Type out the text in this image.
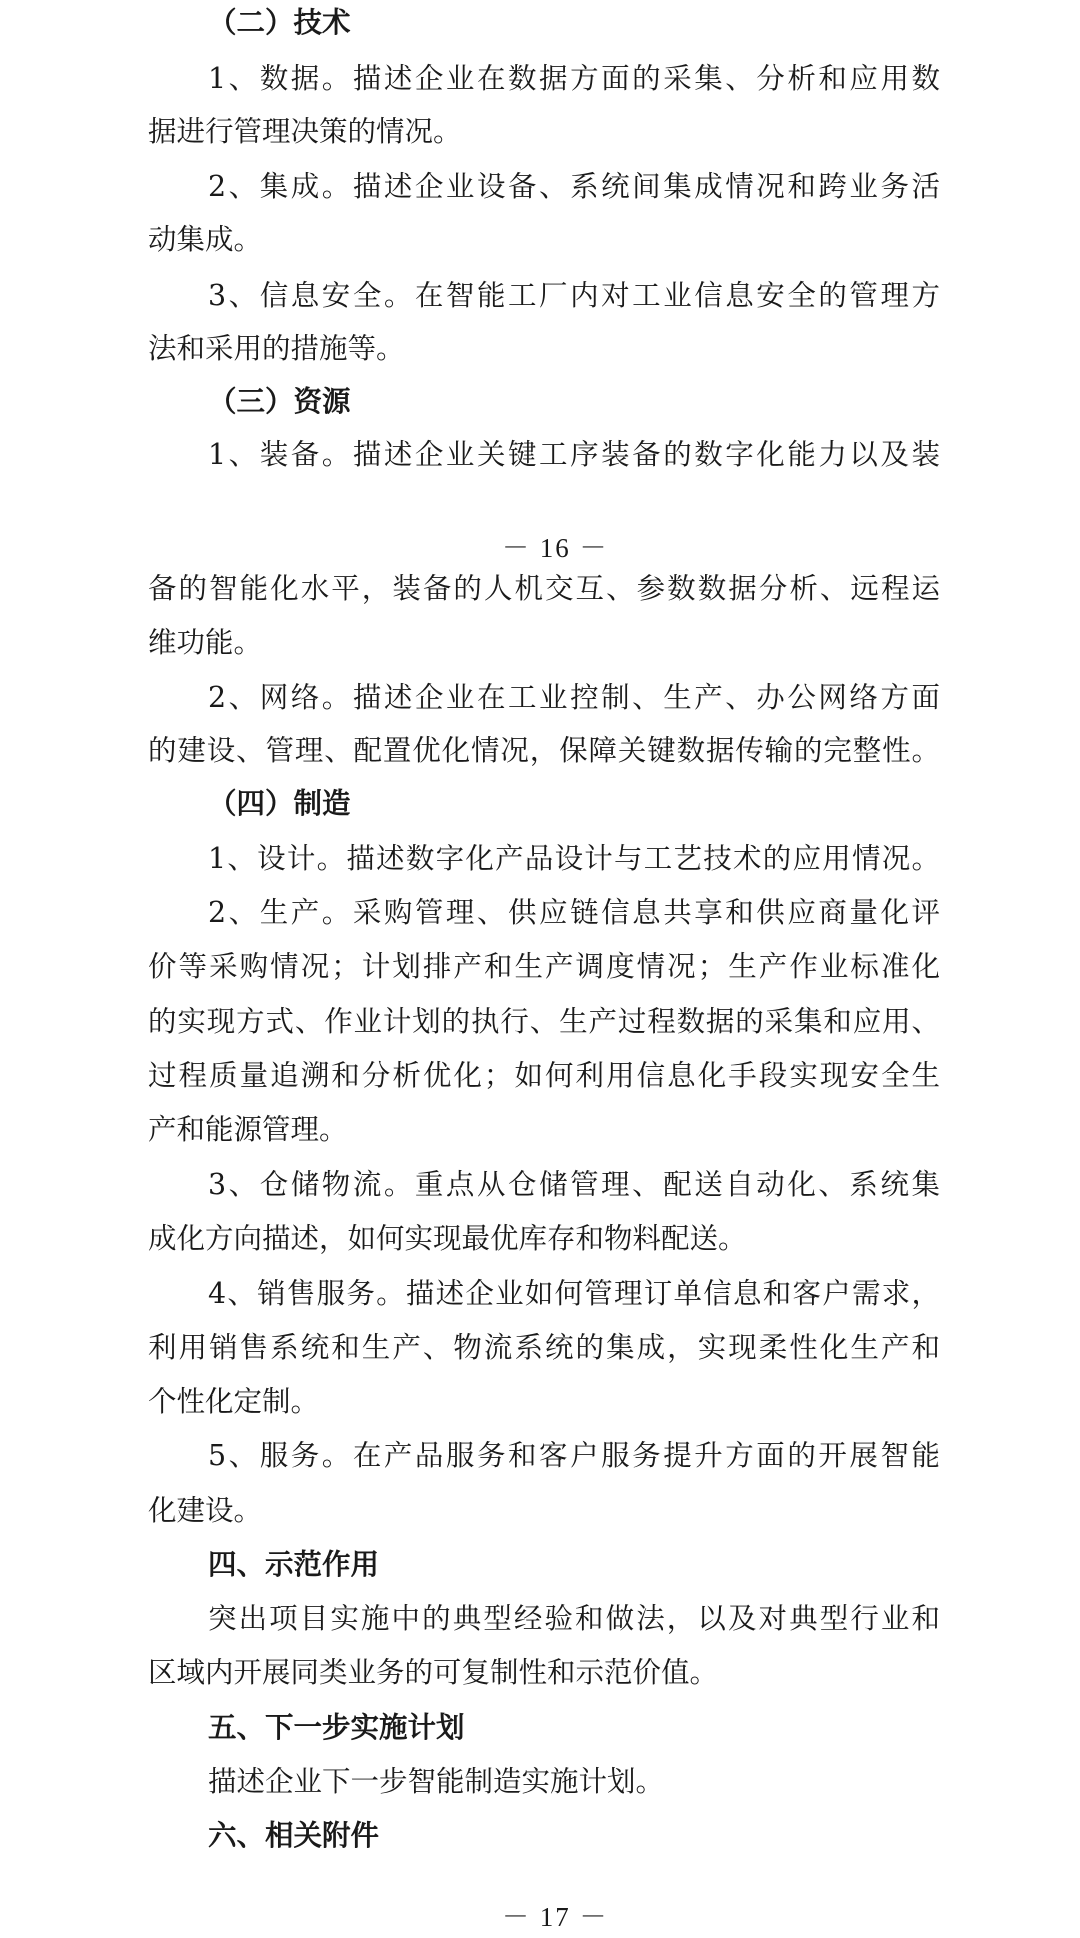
（二）技术
1、数据。描述企业在数据方面的采集、分析和应用数
据进行管理决策的情况。
2、集成。描述企业设备、系统间集成情况和跨业务活
动集成。
3、信息安全。在智能工厂内对工业信息安全的管理方
法和采用的措施等。
（三）资源
1、装备。描述企业关键工序装备的数字化能力以及装
－ 16 －
备的智能化水平，装备的人机交互、参数数据分析、远程运
维功能。
2、网络。描述企业在工业控制、生产、办公网络方面
的建设、管理、配置优化情况，保障关键数据传输的完整性。
（四）制造
1、设计。描述数字化产品设计与工艺技术的应用情况。
2、生产。采购管理、供应链信息共享和供应商量化评
价等采购情况；计划排产和生产调度情况；生产作业标准化
的实现方式、作业计划的执行、生产过程数据的采集和应用、
过程质量追溯和分析优化；如何利用信息化手段实现安全生
产和能源管理。
3、仓储物流。重点从仓储管理、配送自动化、系统集
成化方向描述，如何实现最优库存和物料配送。
4、销售服务。描述企业如何管理订单信息和客户需求，
利用销售系统和生产、物流系统的集成，实现柔性化生产和
个性化定制。
5、服务。在产品服务和客户服务提升方面的开展智能
化建设。
四、示范作用
突出项目实施中的典型经验和做法，以及对典型行业和
区域内开展同类业务的可复制性和示范价值。
五、下一步实施计划
描述企业下一步智能制造实施计划。
六、相关附件
－ 17 －
